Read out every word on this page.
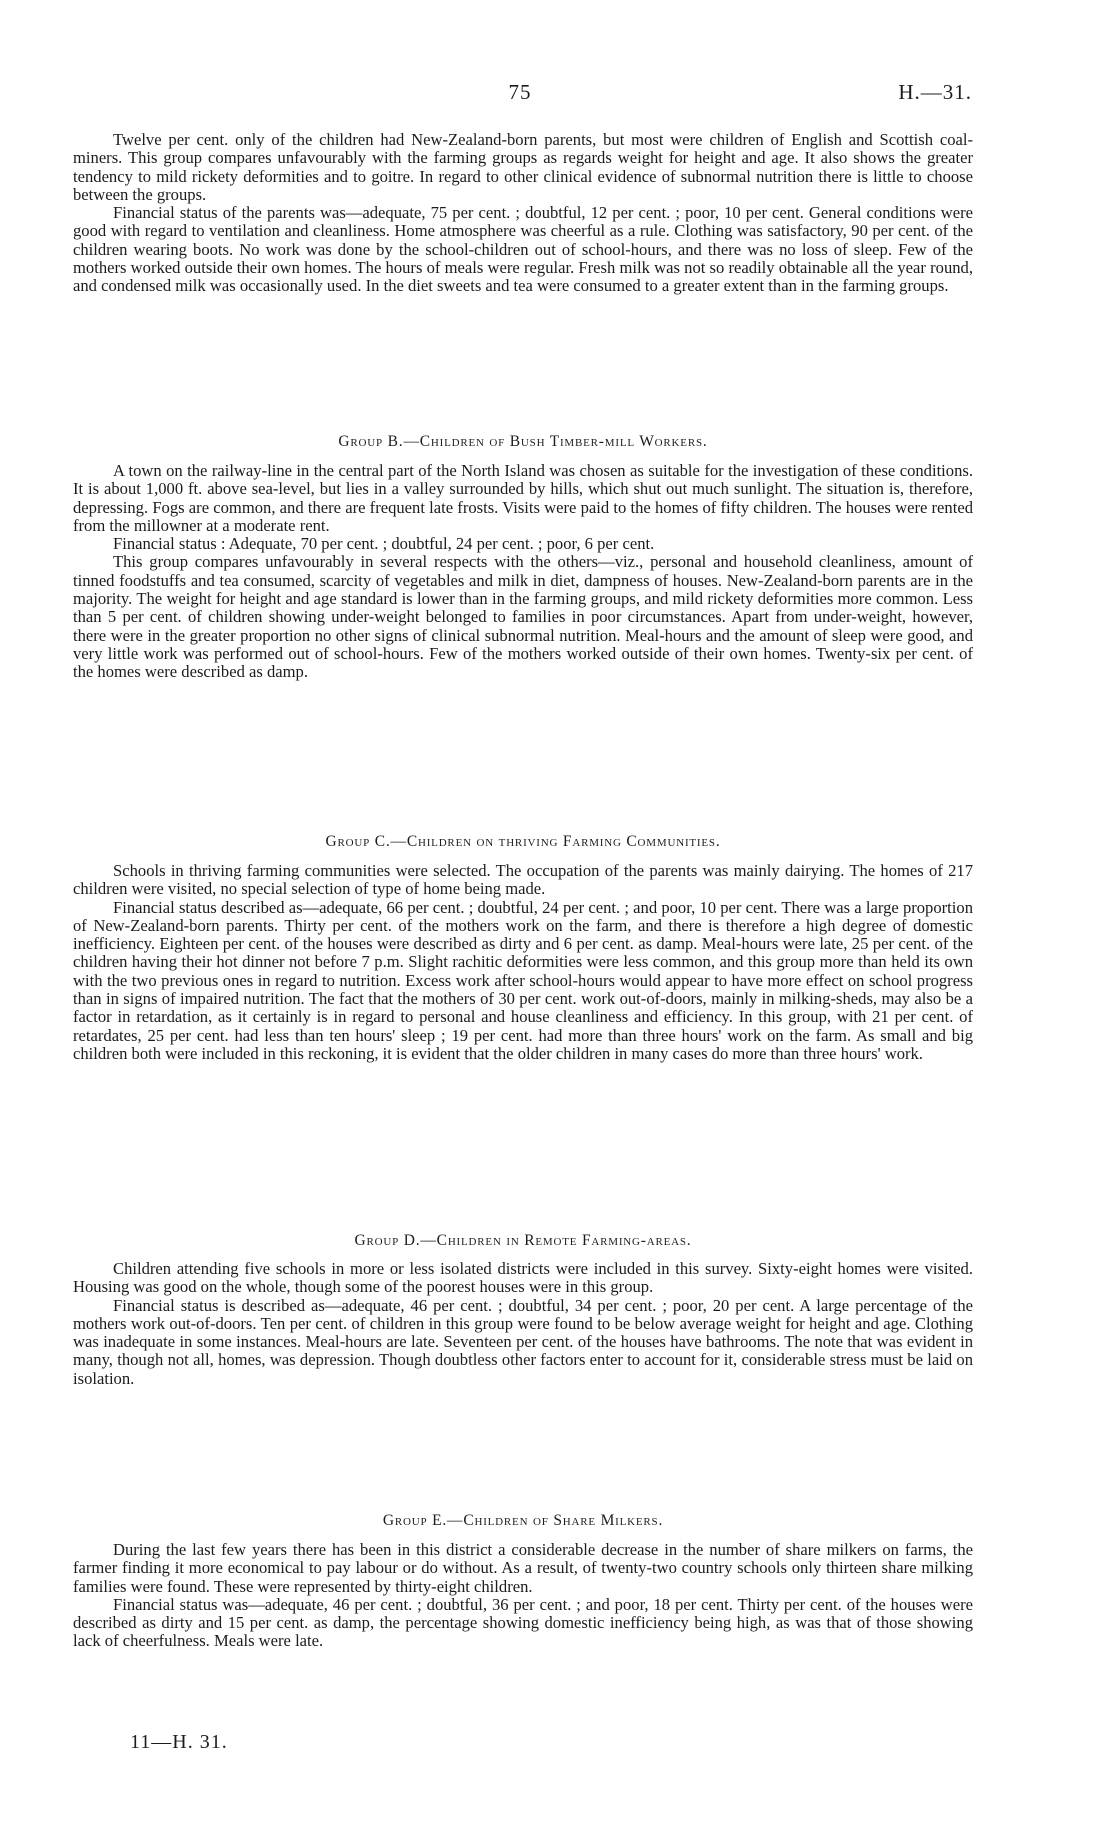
75	H.—31.

Twelve per cent. only of the children had New-Zealand-born parents, but most were children of English and Scottish coal-miners. This group compares unfavourably with the farming groups as regards weight for height and age. It also shows the greater tendency to mild rickety deformities and to goitre. In regard to other clinical evidence of subnormal nutrition there is little to choose between the groups.

Financial status of the parents was—adequate, 75 per cent. ; doubtful, 12 per cent. ; poor, 10 per cent. General conditions were good with regard to ventilation and cleanliness. Home atmosphere was cheerful as a rule. Clothing was satisfactory, 90 per cent. of the children wearing boots. No work was done by the school-children out of school-hours, and there was no loss of sleep. Few of the mothers worked outside their own homes. The hours of meals were regular. Fresh milk was not so readily obtainable all the year round, and condensed milk was occasionally used. In the diet sweets and tea were consumed to a greater extent than in the farming groups.

Group B.—Children of Bush Timber-mill Workers.

A town on the railway-line in the central part of the North Island was chosen as suitable for the investigation of these conditions. It is about 1,000 ft. above sea-level, but lies in a valley surrounded by hills, which shut out much sunlight. The situation is, therefore, depressing. Fogs are common, and there are frequent late frosts. Visits were paid to the homes of fifty children. The houses were rented from the millowner at a moderate rent.

Financial status : Adequate, 70 per cent. ; doubtful, 24 per cent. ; poor, 6 per cent.

This group compares unfavourably in several respects with the others—viz., personal and household cleanliness, amount of tinned foodstuffs and tea consumed, scarcity of vegetables and milk in diet, dampness of houses. New-Zealand-born parents are in the majority. The weight for height and age standard is lower than in the farming groups, and mild rickety deformities more common. Less than 5 per cent. of children showing under-weight belonged to families in poor circumstances. Apart from under-weight, however, there were in the greater proportion no other signs of clinical subnormal nutrition. Meal-hours and the amount of sleep were good, and very little work was performed out of school-hours. Few of the mothers worked outside of their own homes. Twenty-six per cent. of the homes were described as damp.

Group C.—Children on thriving Farming Communities.

Schools in thriving farming communities were selected. The occupation of the parents was mainly dairying. The homes of 217 children were visited, no special selection of type of home being made.

Financial status described as—adequate, 66 per cent. ; doubtful, 24 per cent. ; and poor, 10 per cent. There was a large proportion of New-Zealand-born parents. Thirty per cent. of the mothers work on the farm, and there is therefore a high degree of domestic inefficiency. Eighteen per cent. of the houses were described as dirty and 6 per cent. as damp. Meal-hours were late, 25 per cent. of the children having their hot dinner not before 7 p.m. Slight rachitic deformities were less common, and this group more than held its own with the two previous ones in regard to nutrition. Excess work after school-hours would appear to have more effect on school progress than in signs of impaired nutrition. The fact that the mothers of 30 per cent. work out-of-doors, mainly in milking-sheds, may also be a factor in retardation, as it certainly is in regard to personal and house cleanliness and efficiency. In this group, with 21 per cent. of retardates, 25 per cent. had less than ten hours' sleep ; 19 per cent. had more than three hours' work on the farm. As small and big children both were included in this reckoning, it is evident that the older children in many cases do more than three hours' work.

Group D.—Children in Remote Farming-areas.

Children attending five schools in more or less isolated districts were included in this survey. Sixty-eight homes were visited. Housing was good on the whole, though some of the poorest houses were in this group.

Financial status is described as—adequate, 46 per cent. ; doubtful, 34 per cent. ; poor, 20 per cent. A large percentage of the mothers work out-of-doors. Ten per cent. of children in this group were found to be below average weight for height and age. Clothing was inadequate in some instances. Meal-hours are late. Seventeen per cent. of the houses have bathrooms. The note that was evident in many, though not all, homes, was depression. Though doubtless other factors enter to account for it, considerable stress must be laid on isolation.

Group E.—Children of Share Milkers.

During the last few years there has been in this district a considerable decrease in the number of share milkers on farms, the farmer finding it more economical to pay labour or do without. As a result, of twenty-two country schools only thirteen share milking families were found. These were represented by thirty-eight children.

Financial status was—adequate, 46 per cent. ; doubtful, 36 per cent. ; and poor, 18 per cent. Thirty per cent. of the houses were described as dirty and 15 per cent. as damp, the percentage showing domestic inefficiency being high, as was that of those showing lack of cheerfulness. Meals were late.

11—H. 31.
